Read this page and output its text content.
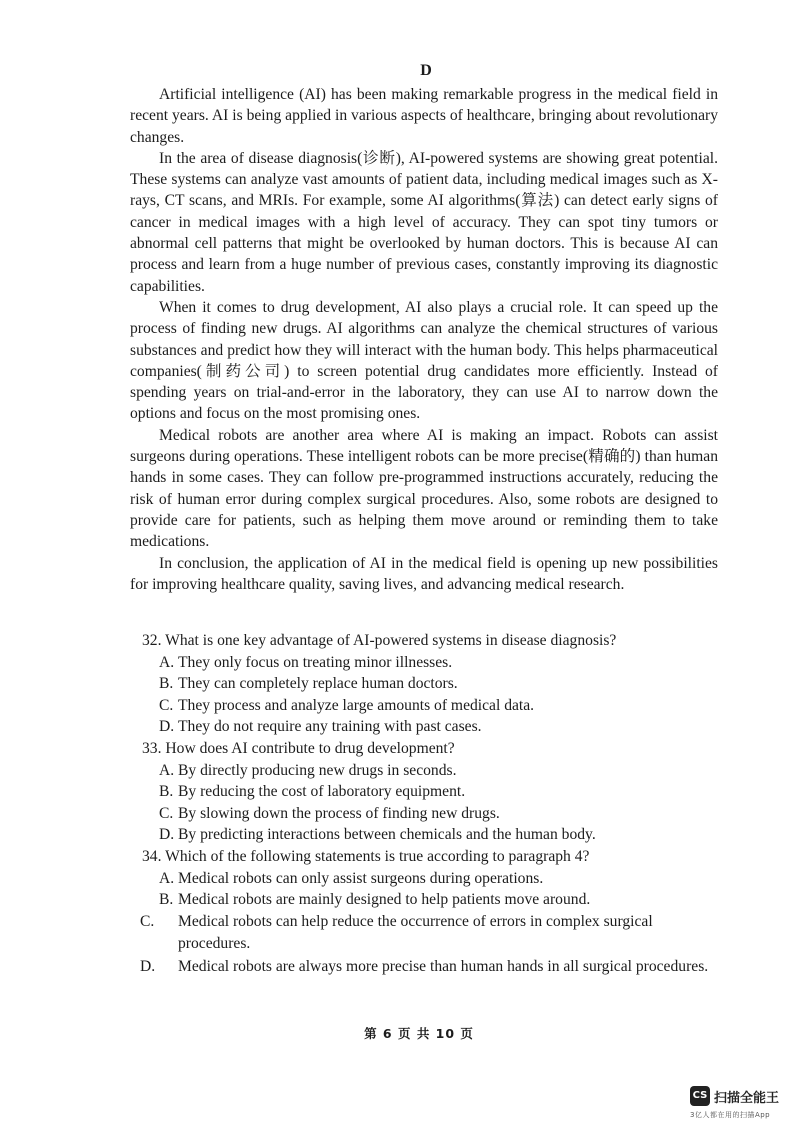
D

Artificial intelligence (AI) has been making remarkable progress in the medical field in recent years. AI is being applied in various aspects of healthcare, bringing about revolutionary changes.

In the area of disease diagnosis(诊断), AI-powered systems are showing great potential. These systems can analyze vast amounts of patient data, including medical images such as X-rays, CT scans, and MRIs. For example, some AI algorithms(算法) can detect early signs of cancer in medical images with a high level of accuracy. They can spot tiny tumors or abnormal cell patterns that might be overlooked by human doctors. This is because AI can process and learn from a huge number of previous cases, constantly improving its diagnostic capabilities.

When it comes to drug development, AI also plays a crucial role. It can speed up the process of finding new drugs. AI algorithms can analyze the chemical structures of various substances and predict how they will interact with the human body. This helps pharmaceutical companies(制药公司) to screen potential drug candidates more efficiently. Instead of spending years on trial-and-error in the laboratory, they can use AI to narrow down the options and focus on the most promising ones.

Medical robots are another area where AI is making an impact. Robots can assist surgeons during operations. These intelligent robots can be more precise(精确的) than human hands in some cases. They can follow pre-programmed instructions accurately, reducing the risk of human error during complex surgical procedures. Also, some robots are designed to provide care for patients, such as helping them move around or reminding them to take medications.

In conclusion, the application of AI in the medical field is opening up new possibilities for improving healthcare quality, saving lives, and advancing medical research.

32. What is one key advantage of AI-powered systems in disease diagnosis?

A. They only focus on treating minor illnesses.
B. They can completely replace human doctors.
C. They process and analyze large amounts of medical data.
D. They do not require any training with past cases.

33. How does AI contribute to drug development?

A. By directly producing new drugs in seconds.
B. By reducing the cost of laboratory equipment.
C. By slowing down the process of finding new drugs.
D. By predicting interactions between chemicals and the human body.

34. Which of the following statements is true according to paragraph 4?

A. Medical robots can only assist surgeons during operations.
B. Medical robots are mainly designed to help patients move around.
C. Medical robots can help reduce the occurrence of errors in complex surgical procedures.
D. Medical robots are always more precise than human hands in all surgical procedures.
第 6 页 共 10 页
CS 扫描全能王
3亿人都在用的扫描App
